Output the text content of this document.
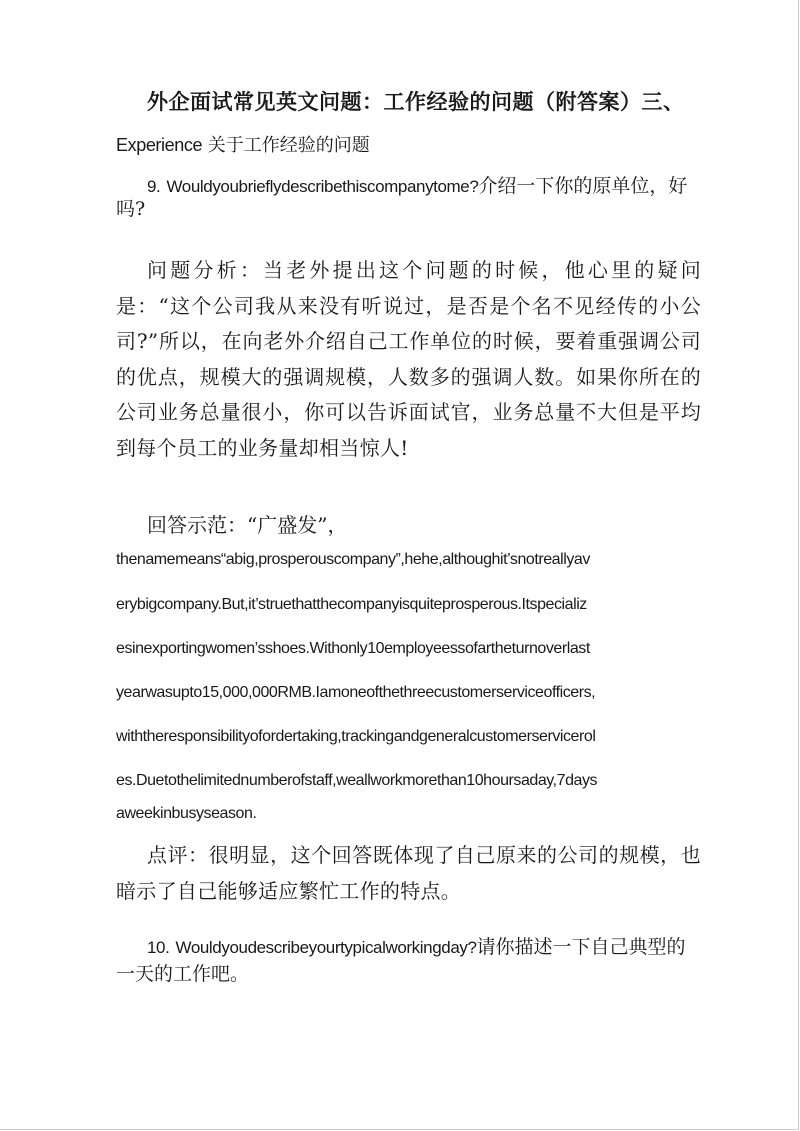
外企面试常见英文问题：工作经验的问题（附答案）三、
Experience 关于工作经验的问题
9. Wouldyoubrieflydescribethiscompanytome?介绍一下你的原单位，好吗?
问题分析：当老外提出这个问题的时候，他心里的疑问是：“这个公司我从来没有听说过，是否是个名不见经传的小公司?”所以，在向老外介绍自己工作单位的时候，要着重强调公司的优点，规模大的强调规模，人数多的强调人数。如果你所在的公司业务总量很小，你可以告诉面试官，业务总量不大但是平均到每个员工的业务量却相当惊人!
回答示范：“广盛发”，
thenamemeans“abig,prosperouscompany”,hehe,althoughit’snotreallyav
erybigcompany.But,it’struethatthecompanyisquiteprosperous.Itspecializ
esinexportingwomen’sshoes.Withonly10employeessofartheturnoverlast
yearwasupto15,000,000RMB.Iamoneofthethreecustomerserviceofficers,
withtheresponsibilityofordertaking,trackingandgeneralcustomerservicerol
es.Duetothelimitednumberofstaff,weallworkmorethan10hoursaday,7days
aweekinbusyseason.
点评：很明显，这个回答既体现了自己原来的公司的规模，也暗示了自己能够适应繁忙工作的特点。
10. Wouldyoudescribeyourtypicalworkingday?请你描述一下自己典型的一天的工作吧。
